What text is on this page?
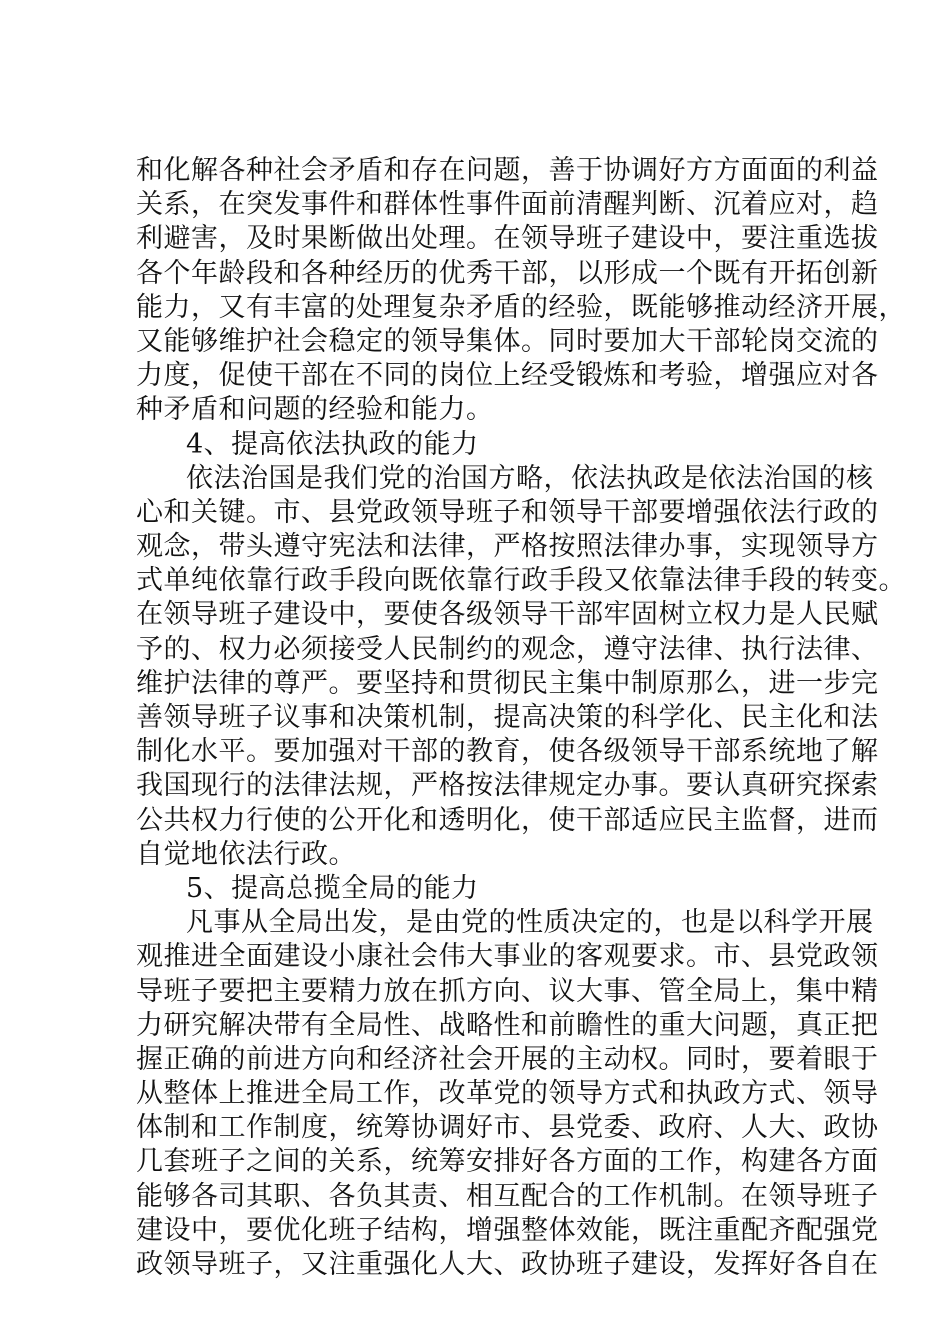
和化解各种社会矛盾和存在问题，善于协调好方方面面的利益
关系，在突发事件和群体性事件面前清醒判断、沉着应对，趋
利避害，及时果断做出处理。在领导班子建设中，要注重选拔
各个年龄段和各种经历的优秀干部，以形成一个既有开拓创新
能力，又有丰富的处理复杂矛盾的经验，既能够推动经济开展，
又能够维护社会稳定的领导集体。同时要加大干部轮岗交流的
力度，促使干部在不同的岗位上经受锻炼和考验，增强应对各
种矛盾和问题的经验和能力。
4、提高依法执政的能力
依法治国是我们党的治国方略，依法执政是依法治国的核
心和关键。市、县党政领导班子和领导干部要增强依法行政的
观念，带头遵守宪法和法律，严格按照法律办事，实现领导方
式单纯依靠行政手段向既依靠行政手段又依靠法律手段的转变。
在领导班子建设中，要使各级领导干部牢固树立权力是人民赋
予的、权力必须接受人民制约的观念，遵守法律、执行法律、
维护法律的尊严。要坚持和贯彻民主集中制原那么，进一步完
善领导班子议事和决策机制，提高决策的科学化、民主化和法
制化水平。要加强对干部的教育，使各级领导干部系统地了解
我国现行的法律法规，严格按法律规定办事。要认真研究探索
公共权力行使的公开化和透明化，使干部适应民主监督，进而
自觉地依法行政。
5、提高总揽全局的能力
凡事从全局出发，是由党的性质决定的，也是以科学开展
观推进全面建设小康社会伟大事业的客观要求。市、县党政领
导班子要把主要精力放在抓方向、议大事、管全局上，集中精
力研究解决带有全局性、战略性和前瞻性的重大问题，真正把
握正确的前进方向和经济社会开展的主动权。同时，要着眼于
从整体上推进全局工作，改革党的领导方式和执政方式、领导
体制和工作制度，统筹协调好市、县党委、政府、人大、政协
几套班子之间的关系，统筹安排好各方面的工作，构建各方面
能够各司其职、各负其责、相互配合的工作机制。在领导班子
建设中，要优化班子结构，增强整体效能，既注重配齐配强党
政领导班子，又注重强化人大、政协班子建设，发挥好各自在
